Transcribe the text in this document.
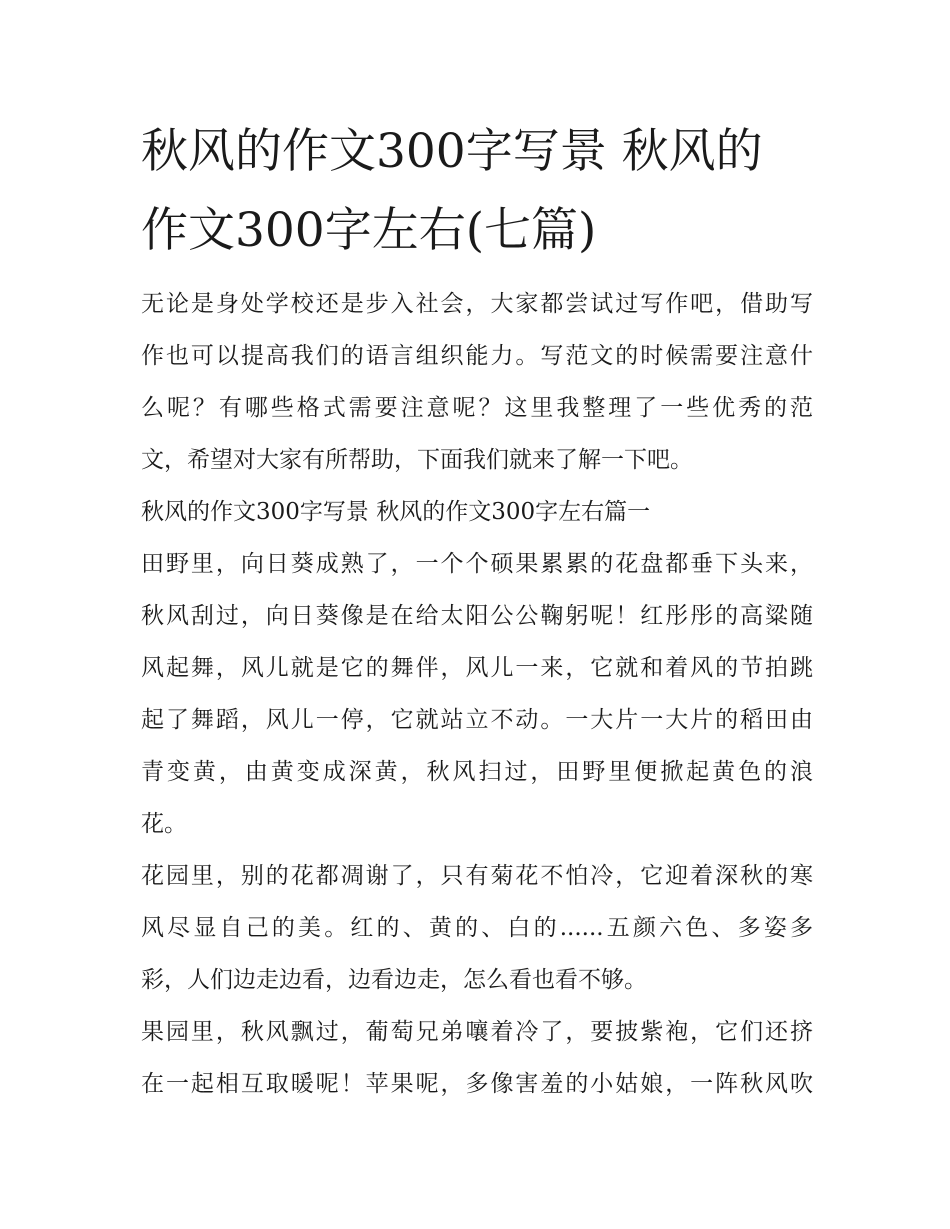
秋风的作文300字写景 秋风的
作文300字左右(七篇)

无论是身处学校还是步入社会，大家都尝试过写作吧，借助写
作也可以提高我们的语言组织能力。写范文的时候需要注意什
么呢？有哪些格式需要注意呢？这里我整理了一些优秀的范
文，希望对大家有所帮助，下面我们就来了解一下吧。

秋风的作文300字写景 秋风的作文300字左右篇一

田野里，向日葵成熟了，一个个硕果累累的花盘都垂下头来，
秋风刮过，向日葵像是在给太阳公公鞠躬呢！红彤彤的高粱随
风起舞，风儿就是它的舞伴，风儿一来，它就和着风的节拍跳
起了舞蹈，风儿一停，它就站立不动。一大片一大片的稻田由
青变黄，由黄变成深黄，秋风扫过，田野里便掀起黄色的浪
花。

花园里，别的花都凋谢了，只有菊花不怕冷，它迎着深秋的寒
风尽显自己的美。红的、黄的、白的......五颜六色、多姿多
彩，人们边走边看，边看边走，怎么看也看不够。

果园里，秋风飘过，葡萄兄弟嚷着冷了，要披紫袍，它们还挤
在一起相互取暖呢！苹果呢，多像害羞的小姑娘，一阵秋风吹
